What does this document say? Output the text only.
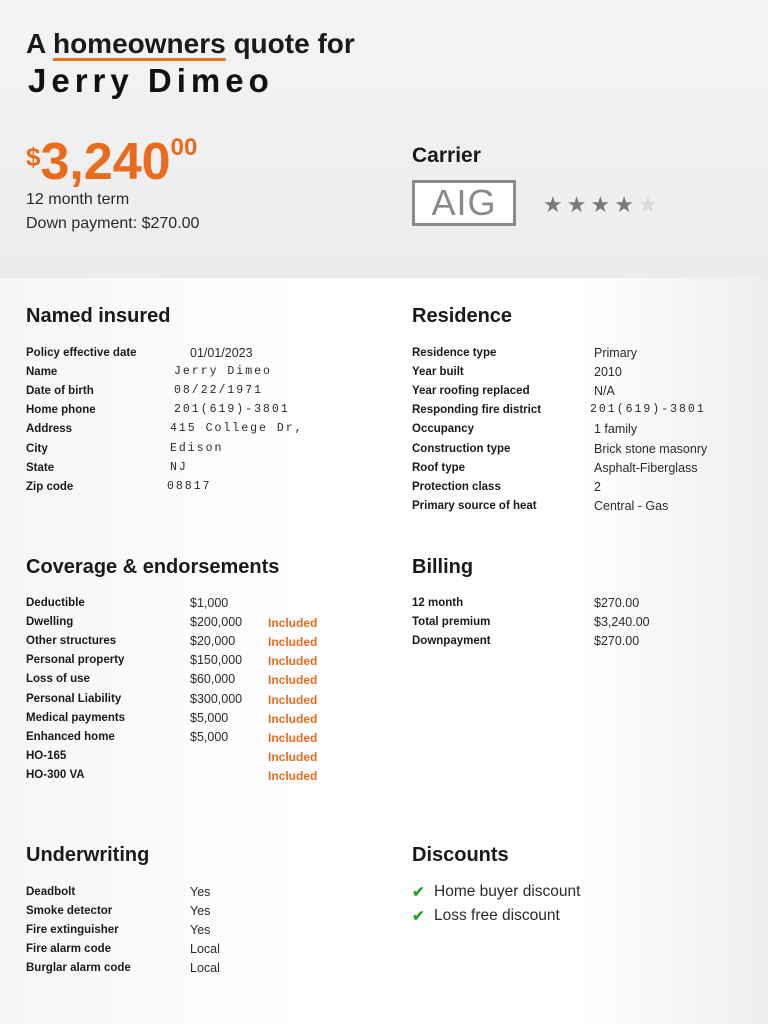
A homeowners quote for
Jerry Dimeo
$3,24000
12 month term
Down payment: $270.00
Carrier
AIG	★ ★ ★ ★ ★
Named insured
Policy effective date	01/01/2023
Name	Jerry Dimeo
Date of birth	08/22/1971
Home phone	201(619)-3801
Address	415 College Dr,
City	Edison
State	NJ
Zip code	08817
Residence
Residence type	Primary
Year built	2010
Year roofing replaced	N/A
Responding fire district	201(619)-3801
Occupancy	1 family
Construction type	Brick stone masonry
Roof type	Asphalt-Fiberglass
Protection class	2
Primary source of heat	Central - Gas
Coverage & endorsements
Deductible	$1,000
Dwelling	$200,000 Included
Other structures	$20,000	Included
Personal property	$150,000 Included
Loss of use	$60,000	Included
Personal Liability	$300,000 Included
Medical payments	$5,000	Included
Enhanced home	$5,000	Included
HO-165	Included
HO-300 VA	Included
Billing
12 month	$270.00
Total premium	$3,240.00
Downpayment	$270.00
Underwriting
Deadbolt	Yes
Smoke detector	Yes
Fire extinguisher	Yes
Fire alarm code	Local
Burglar alarm code	Local
Discounts
✔ Home buyer discount
✔ Loss free discount
